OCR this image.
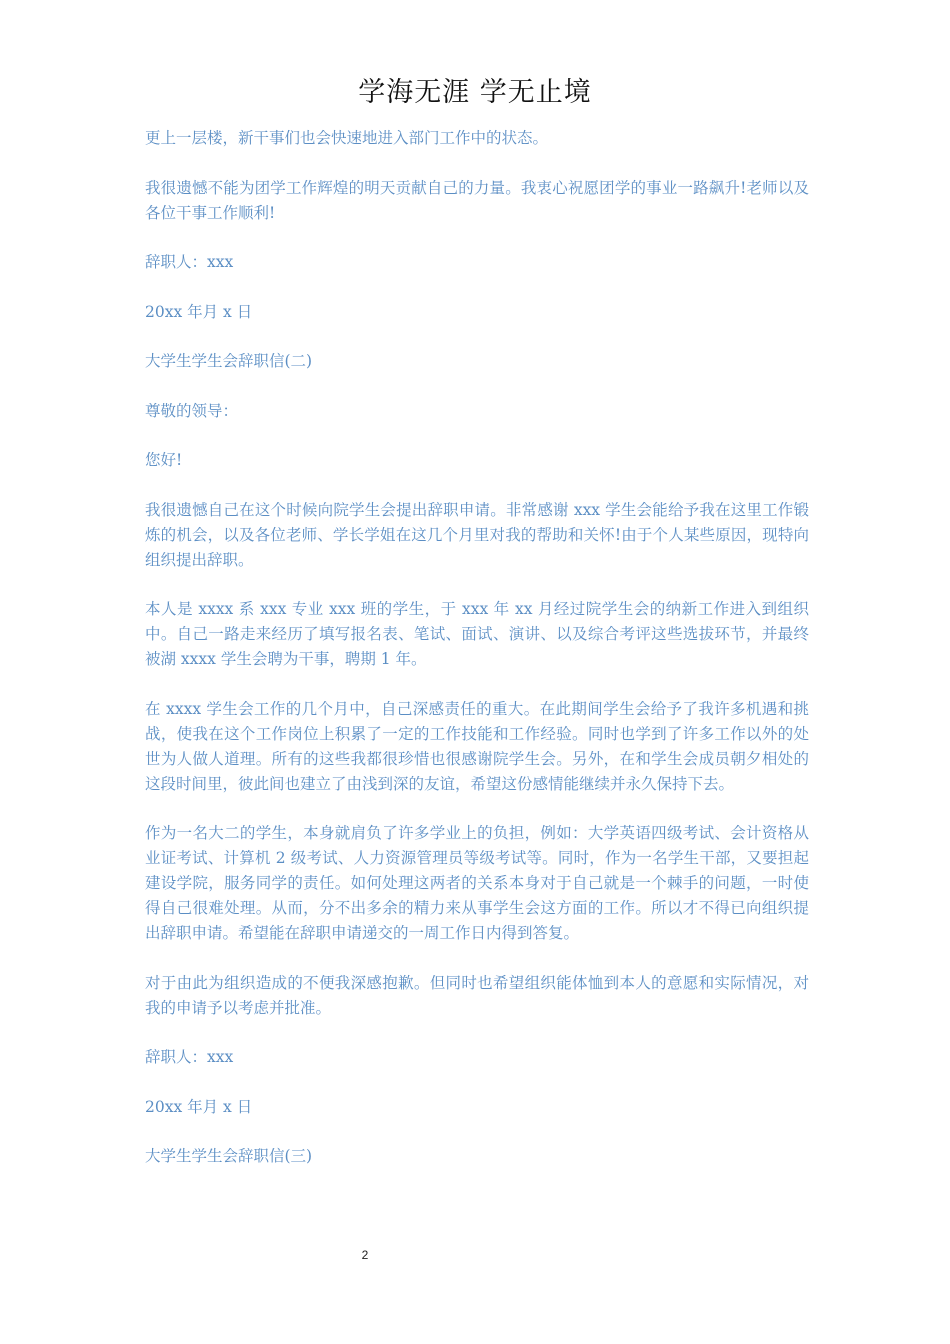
学海无涯 学无止境

更上一层楼，新干事们也会快速地进入部门工作中的状态。

我很遗憾不能为团学工作辉煌的明天贡献自己的力量。我衷心祝愿团学的事业一路飙升!老师以及各位干事工作顺利!

辞职人：xxx

20xx 年月 x 日

大学生学生会辞职信(二)

尊敬的领导：

您好!

我很遗憾自己在这个时候向院学生会提出辞职申请。非常感谢 xxx 学生会能给予我在这里工作锻炼的机会，以及各位老师、学长学姐在这几个月里对我的帮助和关怀!由于个人某些原因，现特向组织提出辞职。

本人是 xxxx 系 xxx 专业 xxx 班的学生，于 xxx 年 xx 月经过院学生会的纳新工作进入到组织中。自己一路走来经历了填写报名表、笔试、面试、演讲、以及综合考评这些选拔环节，并最终被湖 xxxx 学生会聘为干事，聘期 1 年。

在 xxxx 学生会工作的几个月中，自己深感责任的重大。在此期间学生会给予了我许多机遇和挑战，使我在这个工作岗位上积累了一定的工作技能和工作经验。同时也学到了许多工作以外的处世为人做人道理。所有的这些我都很珍惜也很感谢院学生会。另外，在和学生会成员朝夕相处的这段时间里，彼此间也建立了由浅到深的友谊，希望这份感情能继续并永久保持下去。

作为一名大二的学生，本身就肩负了许多学业上的负担，例如：大学英语四级考试、会计资格从业证考试、计算机 2 级考试、人力资源管理员等级考试等。同时，作为一名学生干部，又要担起建设学院，服务同学的责任。如何处理这两者的关系本身对于自己就是一个棘手的问题，一时使得自己很难处理。从而，分不出多余的精力来从事学生会这方面的工作。所以才不得已向组织提出辞职申请。希望能在辞职申请递交的一周工作日内得到答复。

对于由此为组织造成的不便我深感抱歉。但同时也希望组织能体恤到本人的意愿和实际情况，对我的申请予以考虑并批准。

辞职人：xxx

20xx 年月 x 日

大学生学生会辞职信(三)

2
